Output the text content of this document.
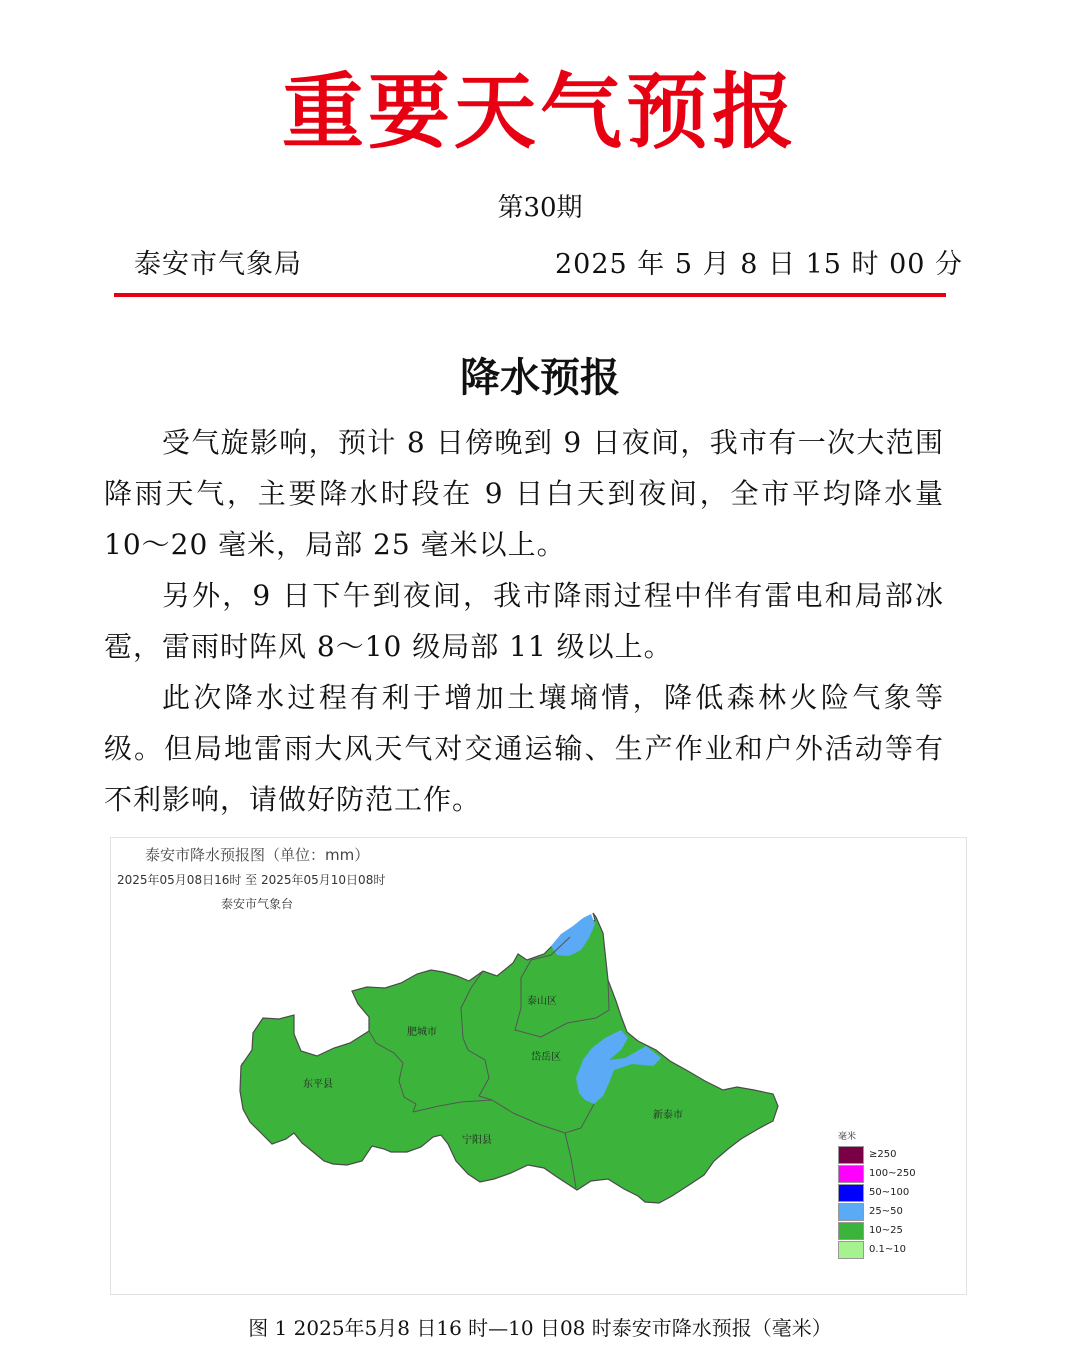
重要天气预报
第30期
泰安市气象局	2025 年 5 月 8 日 15 时 00 分
降水预报

受气旋影响，预计 8 日傍晚到 9 日夜间，我市有一次大范围降雨天气，主要降水时段在 9 日白天到夜间，全市平均降水量 10～20 毫米，局部 25 毫米以上。

另外，9 日下午到夜间，我市降雨过程中伴有雷电和局部冰雹，雷雨时阵风 8～10 级局部 11 级以上。

此次降水过程有利于增加土壤墒情，降低森林火险气象等级。但局地雷雨大风天气对交通运输、生产作业和户外活动等有不利影响，请做好防范工作。

泰山区
肥城市
岱岳区
东平县
宁阳县
新泰市
泰安市降水预报图（单位：mm）
2025年05月08日16时 至 2025年05月10日08时
泰安市气象台
毫米
≥250
100~250
50~100
25~50
10~25
0.1~10
图 1 2025年5月8 日16 时—10 日08 时泰安市降水预报（毫米）
